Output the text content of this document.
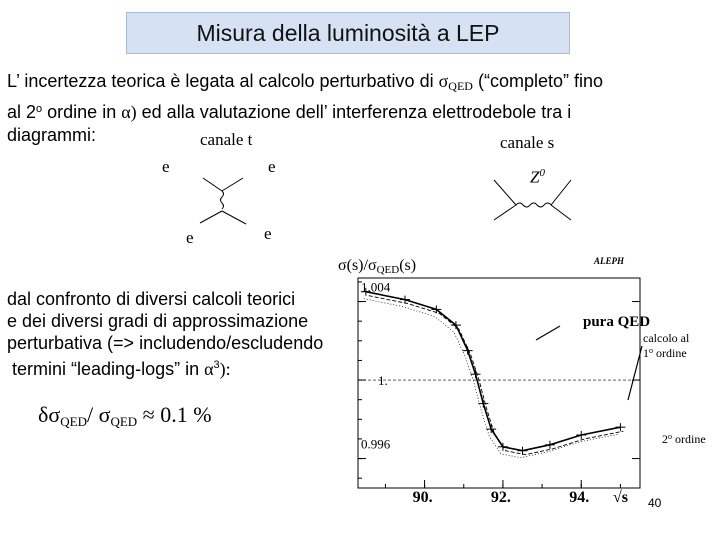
Misura della luminosità a LEP
L’ incertezza teorica è legata al calcolo perturbativo di $\sigma_{QED}$ (“completo” fino
al 2$^o$ ordine in α) ed alla valutazione dell’ interferenza elettrodebole tra i
diagrammi:	canale t	canale s
e	e
e	e
$Z^0$
dal confronto di diversi calcoli teorici
e dei diversi gradi di approssimazione
perturbativa (=> includendo/escludendo
termini “leading-logs” in $\alpha^3$):
$\delta\sigma_{QED}/$ $\sigma_{QED} \approx 0.1$ %
σ(s)/σQED(s)
1.004
1.
0.996
90.	92.	94.
ALEPH
pura QED
calcolo al
1$^o$ ordine
2$^o$ ordine
√s 40
